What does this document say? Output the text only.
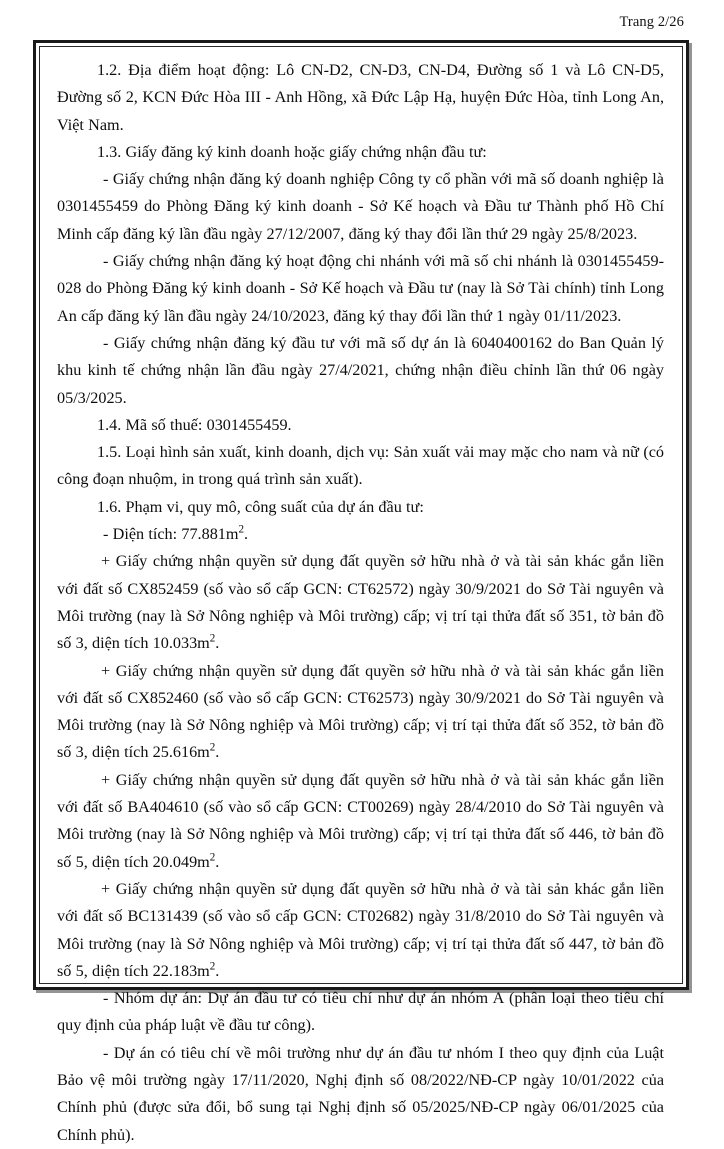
Trang 2/26

1.2. Địa điểm hoạt động: Lô CN-D2, CN-D3, CN-D4, Đường số 1 và Lô CN-D5, Đường số 2, KCN Đức Hòa III - Anh Hồng, xã Đức Lập Hạ, huyện Đức Hòa, tỉnh Long An, Việt Nam.

1.3. Giấy đăng ký kinh doanh hoặc giấy chứng nhận đầu tư:

- Giấy chứng nhận đăng ký doanh nghiệp Công ty cổ phần với mã số doanh nghiệp là 0301455459 do Phòng Đăng ký kinh doanh - Sở Kế hoạch và Đầu tư Thành phố Hồ Chí Minh cấp đăng ký lần đầu ngày 27/12/2007, đăng ký thay đổi lần thứ 29 ngày 25/8/2023.

- Giấy chứng nhận đăng ký hoạt động chi nhánh với mã số chi nhánh là 0301455459-028 do Phòng Đăng ký kinh doanh - Sở Kế hoạch và Đầu tư (nay là Sở Tài chính) tỉnh Long An cấp đăng ký lần đầu ngày 24/10/2023, đăng ký thay đổi lần thứ 1 ngày 01/11/2023.

- Giấy chứng nhận đăng ký đầu tư với mã số dự án là 6040400162 do Ban Quản lý khu kinh tế chứng nhận lần đầu ngày 27/4/2021, chứng nhận điều chỉnh lần thứ 06 ngày 05/3/2025.

1.4. Mã số thuế: 0301455459.

1.5. Loại hình sản xuất, kinh doanh, dịch vụ: Sản xuất vải may mặc cho nam và nữ (có công đoạn nhuộm, in trong quá trình sản xuất).

1.6. Phạm vi, quy mô, công suất của dự án đầu tư:

- Diện tích: $77.881m^2$.

+ Giấy chứng nhận quyền sử dụng đất quyền sở hữu nhà ở và tài sản khác gắn liền với đất số CX852459 (số vào sổ cấp GCN: CT62572) ngày 30/9/2021 do Sở Tài nguyên và Môi trường (nay là Sở Nông nghiệp và Môi trường) cấp; vị trí tại thửa đất số 351, tờ bản đồ số 3, diện tích $10.033m^2$.

+ Giấy chứng nhận quyền sử dụng đất quyền sở hữu nhà ở và tài sản khác gắn liền với đất số CX852460 (số vào sổ cấp GCN: CT62573) ngày 30/9/2021 do Sở Tài nguyên và Môi trường (nay là Sở Nông nghiệp và Môi trường) cấp; vị trí tại thửa đất số 352, tờ bản đồ số 3, diện tích $25.616m^2$.

+ Giấy chứng nhận quyền sử dụng đất quyền sở hữu nhà ở và tài sản khác gắn liền với đất số BA404610 (số vào sổ cấp GCN: CT00269) ngày 28/4/2010 do Sở Tài nguyên và Môi trường (nay là Sở Nông nghiệp và Môi trường) cấp; vị trí tại thửa đất số 446, tờ bản đồ số 5, diện tích $20.049m^2$.

+ Giấy chứng nhận quyền sử dụng đất quyền sở hữu nhà ở và tài sản khác gắn liền với đất số BC131439 (số vào sổ cấp GCN: CT02682) ngày 31/8/2010 do Sở Tài nguyên và Môi trường (nay là Sở Nông nghiệp và Môi trường) cấp; vị trí tại thửa đất số 447, tờ bản đồ số 5, diện tích $22.183m^2$.

- Nhóm dự án: Dự án đầu tư có tiêu chí như dự án nhóm A (phân loại theo tiêu chí quy định của pháp luật về đầu tư công).

- Dự án có tiêu chí về môi trường như dự án đầu tư nhóm I theo quy định của Luật Bảo vệ môi trường ngày 17/11/2020, Nghị định số 08/2022/NĐ-CP ngày 10/01/2022 của Chính phủ (được sửa đổi, bổ sung tại Nghị định số 05/2025/NĐ-CP ngày 06/01/2025 của Chính phủ).
